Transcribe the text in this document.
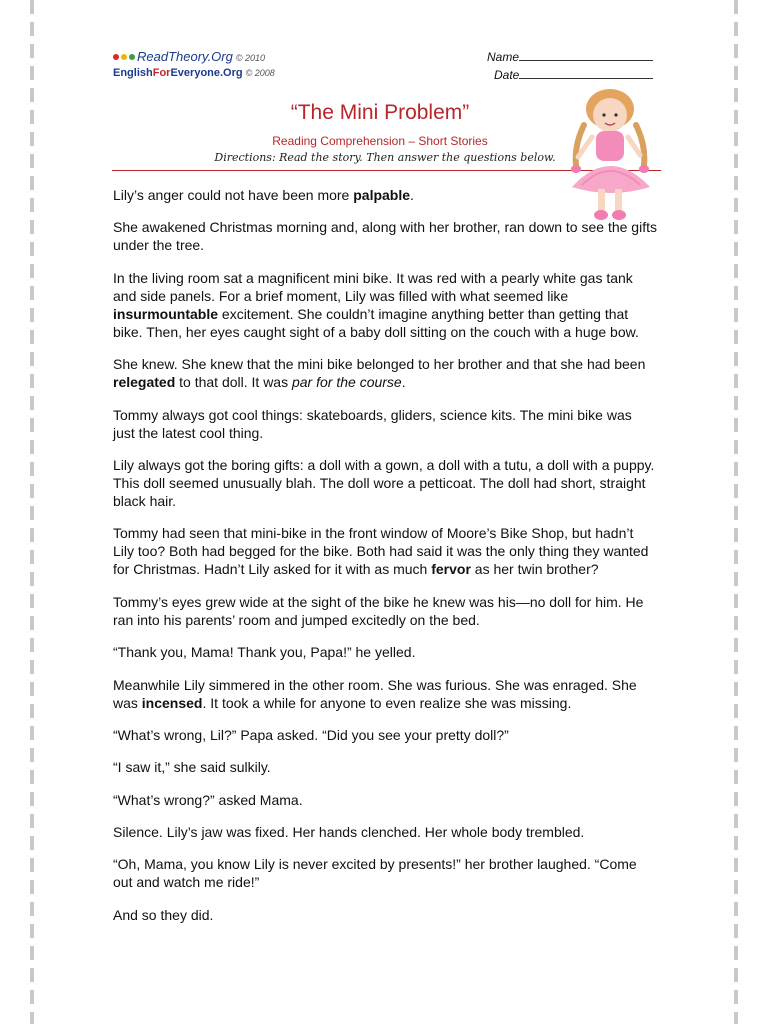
ReadTheory.Org © 2010
EnglishForEveryone.Org © 2008
Name
Date
“The Mini Problem”
Reading Comprehension – Short Stories
Directions: Read the story. Then answer the questions below.

Lily’s anger could not have been more palpable.

She awakened Christmas morning and, along with her brother, ran down to see the gifts under the tree.

In the living room sat a magnificent mini bike. It was red with a pearly white gas tank and side panels. For a brief moment, Lily was filled with what seemed like insurmountable excitement. She couldn’t imagine anything better than getting that bike. Then, her eyes caught sight of a baby doll sitting on the couch with a huge bow.

She knew. She knew that the mini bike belonged to her brother and that she had been relegated to that doll. It was par for the course.

Tommy always got cool things: skateboards, gliders, science kits. The mini bike was just the latest cool thing.

Lily always got the boring gifts: a doll with a gown, a doll with a tutu, a doll with a puppy. This doll seemed unusually blah. The doll wore a petticoat. The doll had short, straight black hair.

Tommy had seen that mini-bike in the front window of Moore’s Bike Shop, but hadn’t Lily too? Both had begged for the bike. Both had said it was the only thing they wanted for Christmas. Hadn’t Lily asked for it with as much fervor as her twin brother?

Tommy’s eyes grew wide at the sight of the bike he knew was his—no doll for him. He ran into his parents’ room and jumped excitedly on the bed.

“Thank you, Mama! Thank you, Papa!” he yelled.

Meanwhile Lily simmered in the other room. She was furious. She was enraged. She was incensed. It took a while for anyone to even realize she was missing.

“What’s wrong, Lil?” Papa asked. “Did you see your pretty doll?”

“I saw it,” she said sulkily.

“What’s wrong?” asked Mama.

Silence. Lily’s jaw was fixed. Her hands clenched. Her whole body trembled.

“Oh, Mama, you know Lily is never excited by presents!” her brother laughed. “Come out and watch me ride!”

And so they did.
